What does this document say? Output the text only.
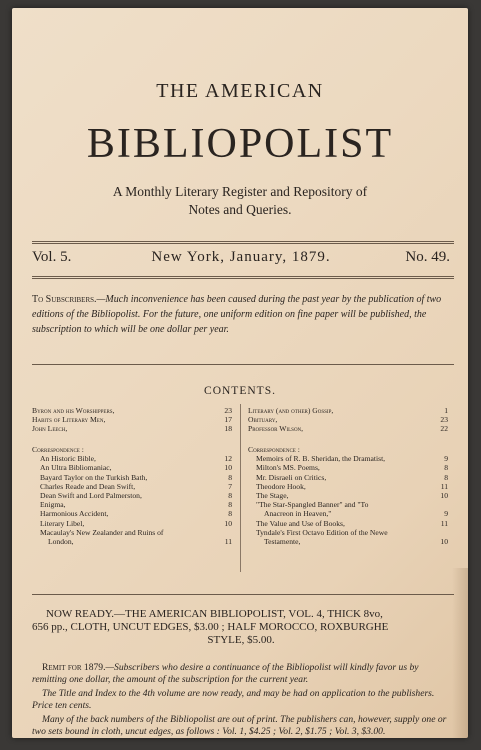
THE AMERICAN
BIBLIOPOLIST
A Monthly Literary Register and Repository of
Notes and Queries.
Vol. 5.	New York, January, 1879.	No. 49.
To Subscribers.—Much inconvenience has been caused during the past year by the publication of two editions of the Bibliopolist. For the future, one uniform edition on fine paper will be published, the subscription to which will be one dollar per year.
CONTENTS.
Byron and his Worshippers,	23
Habits of Literary Men,	17
John Leech,	18
Literary (and other) Gossip,	1
Obituary,	23
Professor Wilson,	22
Correspondence :
An Historic Bible,	12
An Ultra Bibliomaniac,	10
Bayard Taylor on the Turkish Bath,	8
Charles Reade and Dean Swift,	7
Dean Swift and Lord Palmerston,	8
Enigma,	8
Harmonious Accident,	8
Literary Libel,	10
Macaulay's New Zealander and Ruins of
London,	11
Correspondence :
Memoirs of R. B. Sheridan, the Dramatist,	9
Milton's MS. Poems,	8
Mr. Disraeli on Critics,	8
Theodore Hook,	11
The Stage,	10
"The Star-Spangled Banner" and "To
Anacreon in Heaven,"	9
The Value and Use of Books,	11
Tyndale's First Octavo Edition of the Newe
Testamente,	10
NOW READY.—THE AMERICAN BIBLIOPOLIST, VOL. 4, THICK 8vo,
656 pp., CLOTH, UNCUT EDGES, $3.00 ; HALF MOROCCO, ROXBURGHE
STYLE, $5.00.
Remit for 1879.—Subscribers who desire a continuance of the Bibliopolist will kindly favor us by remitting one dollar, the amount of the subscription for the current year.
The Title and Index to the 4th volume are now ready, and may be had on application to the publishers. Price ten cents.
Many of the back numbers of the Bibliopolist are out of print. The publishers can, however, supply one or two sets bound in cloth, uncut edges, as follows : Vol. 1, $4.25 ; Vol. 2, $1.75 ; Vol. 3, $3.00.
